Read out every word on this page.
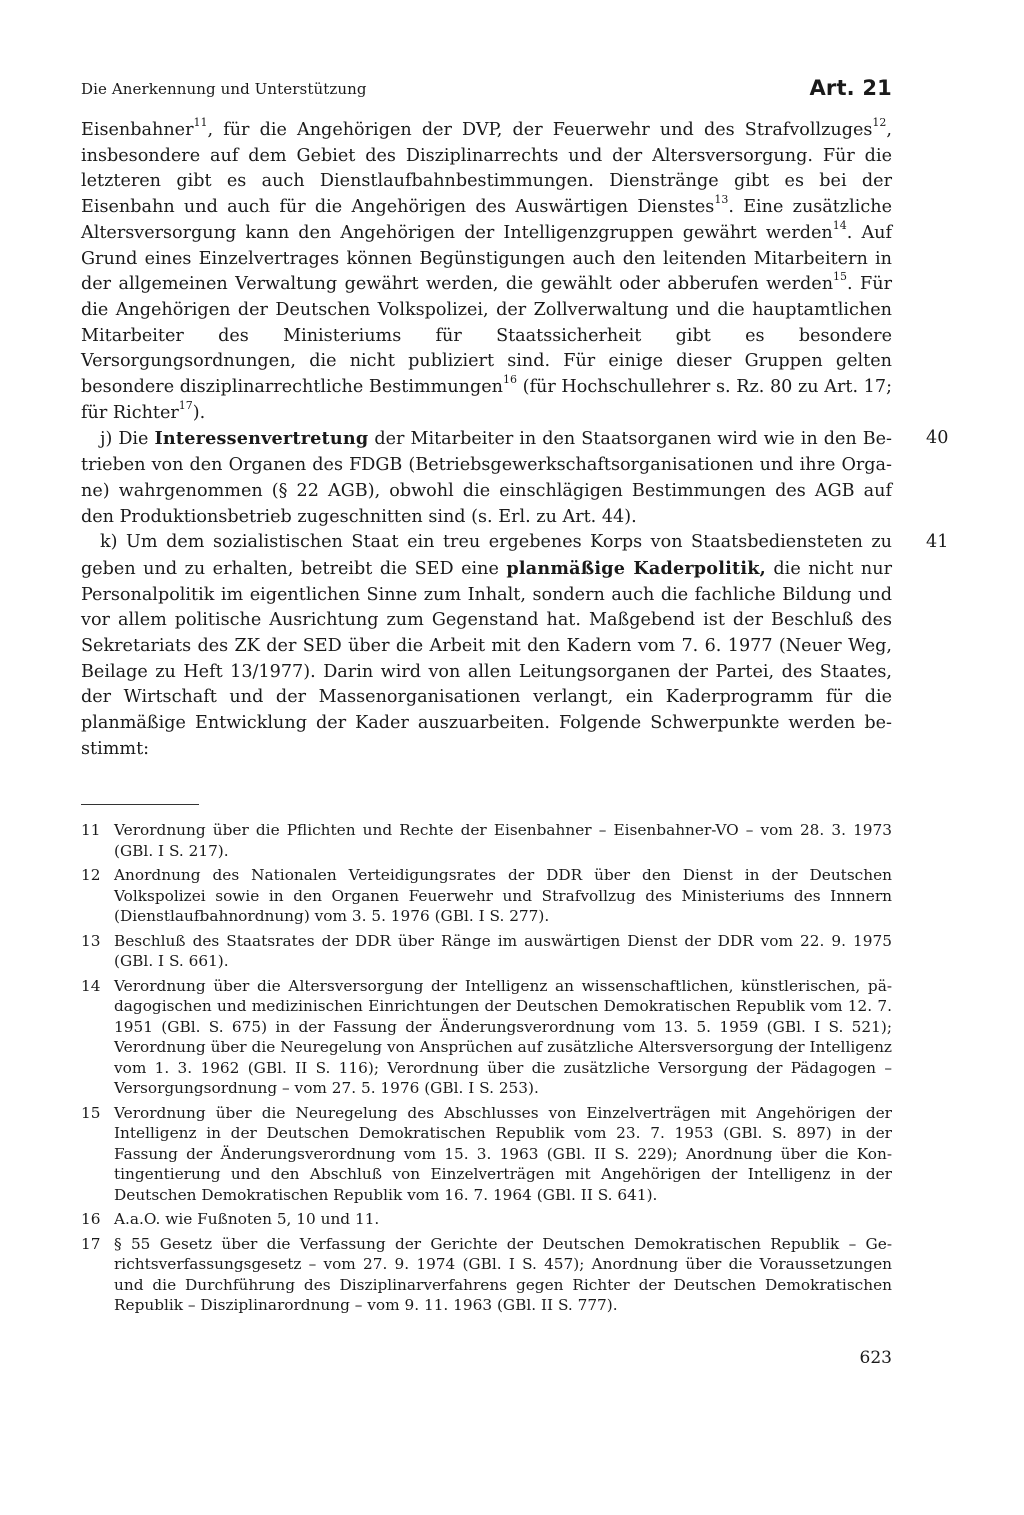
Die Anerkennung und Unterstützung	Art. 21

Eisenbahner$^{11}$, für die Angehörigen der DVP, der Feuerwehr und des Strafvollzuges$^{12}$, insbesondere auf dem Gebiet des Disziplinarrechts und der Altersversorgung. Für die letzteren gibt es auch Dienstlaufbahnbestimmungen. Dienstränge gibt es bei der Eisenbahn und auch für die Angehörigen des Auswärtigen Dienstes$^{13}$. Eine zusätzliche Altersversorgung kann den Angehörigen der Intelligenzgruppen gewährt werden$^{14}$. Auf Grund eines Einzelvertrages können Begünstigungen auch den leitenden Mitarbeitern in der allgemeinen Verwaltung gewährt werden, die gewählt oder abberufen werden$^{15}$. Für die Angehörigen der Deutschen Volkspolizei, der Zollverwaltung und die hauptamtlichen Mitarbeiter des Ministeriums für Staatssicherheit gibt es besondere Versorgungsordnungen, die nicht publiziert sind. Für einige dieser Gruppen gelten besondere disziplinarrechtliche Bestimmungen$^{16}$ (für Hochschullehrer s. Rz. 80 zu Art. 17; für Richter$^{17}$).

40
j) Die Interessenvertretung der Mitarbeiter in den Staatsorganen wird wie in den Betrieben von den Organen des FDGB (Betriebsgewerkschaftsorganisationen und ihre Organe) wahrgenommen (§ 22 AGB), obwohl die einschlägigen Bestimmungen des AGB auf den Produktionsbetrieb zugeschnitten sind (s. Erl. zu Art. 44).

41
k) Um dem sozialistischen Staat ein treu ergebenes Korps von Staatsbediensteten zu geben und zu erhalten, betreibt die SED eine planmäßige Kaderpolitik, die nicht nur Personalpolitik im eigentlichen Sinne zum Inhalt, sondern auch die fachliche Bildung und vor allem politische Ausrichtung zum Gegenstand hat. Maßgebend ist der Beschluß des Sekretariats des ZK der SED über die Arbeit mit den Kadern vom 7. 6. 1977 (Neuer Weg, Beilage zu Heft 13/1977). Darin wird von allen Leitungsorganen der Partei, des Staates, der Wirtschaft und der Massenorganisationen verlangt, ein Kaderprogramm für die planmäßige Entwicklung der Kader auszuarbeiten. Folgende Schwerpunkte werden bestimmt:

11 Verordnung über die Pflichten und Rechte der Eisenbahner – Eisenbahner-VO – vom 28. 3. 1973 (GBl. I S. 217).
12 Anordnung des Nationalen Verteidigungsrates der DDR über den Dienst in der Deutschen Volkspolizei sowie in den Organen Feuerwehr und Strafvollzug des Ministeriums des Innnern (Dienstlaufbahnordnung) vom 3. 5. 1976 (GBl. I S. 277).
13 Beschluß des Staatsrates der DDR über Ränge im auswärtigen Dienst der DDR vom 22. 9. 1975 (GBl. I S. 661).
14 Verordnung über die Altersversorgung der Intelligenz an wissenschaftlichen, künstlerischen, pädagogischen und medizinischen Einrichtungen der Deutschen Demokratischen Republik vom 12. 7. 1951 (GBl. S. 675) in der Fassung der Änderungsverordnung vom 13. 5. 1959 (GBl. I S. 521); Verordnung über die Neuregelung von Ansprüchen auf zusätzliche Altersversorgung der Intelligenz vom 1. 3. 1962 (GBl. II S. 116); Verordnung über die zusätzliche Versorgung der Pädagogen – Versorgungsordnung – vom 27. 5. 1976 (GBl. I S. 253).
15 Verordnung über die Neuregelung des Abschlusses von Einzelverträgen mit Angehörigen der Intelligenz in der Deutschen Demokratischen Republik vom 23. 7. 1953 (GBl. S. 897) in der Fassung der Änderungsverordnung vom 15. 3. 1963 (GBl. II S. 229); Anordnung über die Kontingentierung und den Abschluß von Einzelverträgen mit Angehörigen der Intelligenz in der Deutschen Demokratischen Republik vom 16. 7. 1964 (GBl. II S. 641).
16 A.a.O. wie Fußnoten 5, 10 und 11.
17 § 55 Gesetz über die Verfassung der Gerichte der Deutschen Demokratischen Republik – Gerichtsverfassungsgesetz – vom 27. 9. 1974 (GBl. I S. 457); Anordnung über die Voraussetzungen und die Durchführung des Disziplinarverfahrens gegen Richter der Deutschen Demokratischen Republik – Disziplinarordnung – vom 9. 11. 1963 (GBl. II S. 777).
623
